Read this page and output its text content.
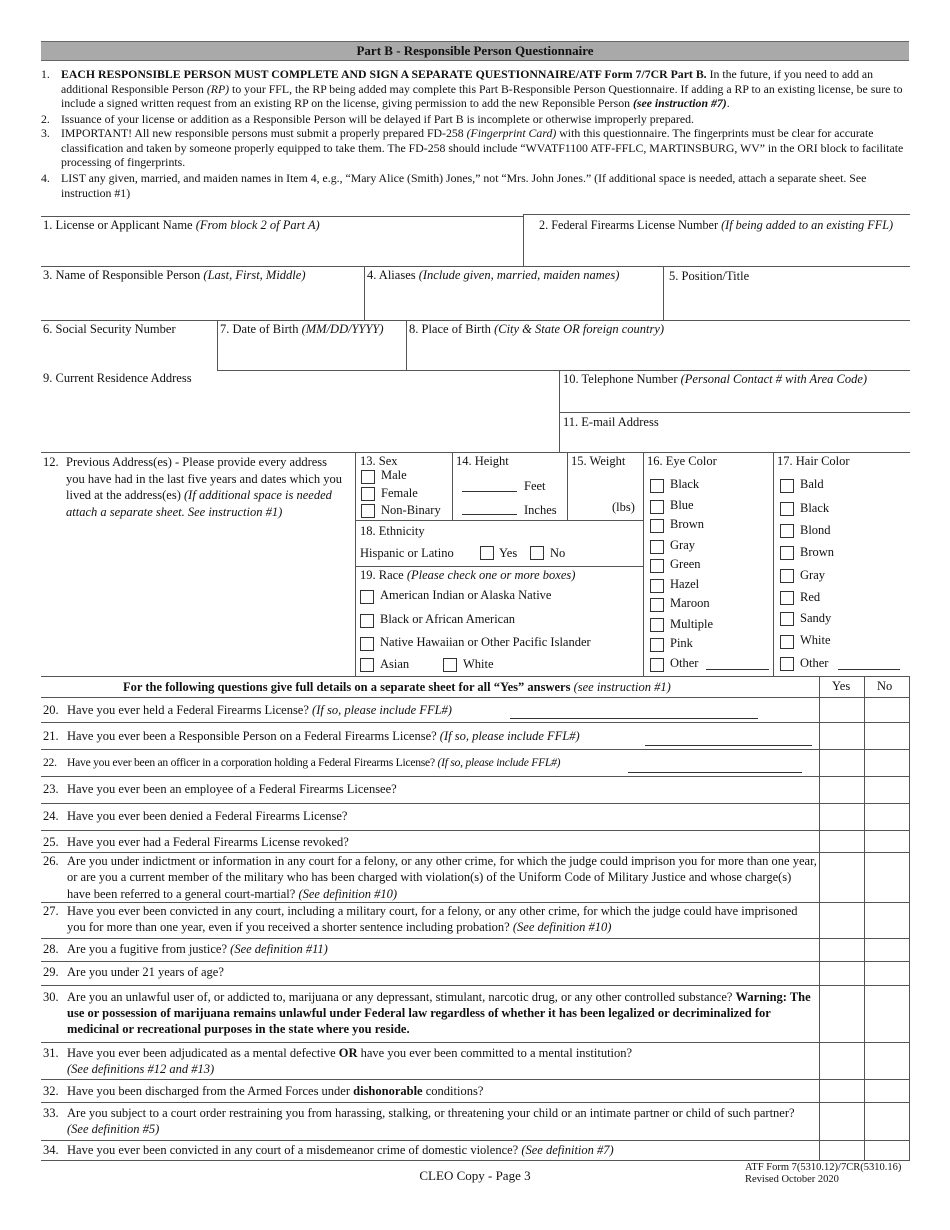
Part B - Responsible Person Questionnaire
1. EACH RESPONSIBLE PERSON MUST COMPLETE AND SIGN A SEPARATE QUESTIONNAIRE/ATF Form 7/7CR Part B. In the future, if you need to add an additional Responsible Person (RP) to your FFL, the RP being added may complete this Part B-Responsible Person Questionnaire. If adding a RP to an existing license, be sure to include a signed written request from an existing RP on the license, giving permission to add the new Reponsible Person (see instruction #7).
2. Issuance of your license or addition as a Responsible Person will be delayed if Part B is incomplete or otherwise improperly prepared.
3. IMPORTANT! All new responsible persons must submit a properly prepared FD-258 (Fingerprint Card) with this questionnaire. The fingerprints must be clear for accurate classification and taken by someone properly equipped to take them. The FD-258 should include “WVATF1100 ATF-FFLC, MARTINSBURG, WV” in the ORI block to facilitate processing of fingerprints.
4. LIST any given, married, and maiden names in Item 4, e.g., “Mary Alice (Smith) Jones,” not “Mrs. John Jones.” (If additional space is needed, attach a separate sheet. See instruction #1)
1. License or Applicant Name (From block 2 of Part A)	2. Federal Firearms License Number (If being added to an existing FFL)
3. Name of Responsible Person (Last, First, Middle)	4. Aliases (Include given, married, maiden names)	5. Position/Title
6. Social Security Number	7. Date of Birth (MM/DD/YYYY) 8. Place of Birth (City & State OR foreign country)
9. Current Residence Address	10. Telephone Number (Personal Contact # with Area Code)
11. E-mail Address
12. Previous Address(es) - Please provide every address you have had in the last five years and dates which you lived at the address(es) (If additional space is needed attach a separate sheet. See instruction #1)
13. Sex
Male
Female
Non-Binary
14. Height
Feet
Inches
15. Weight
(lbs)
18. Ethnicity
Hispanic or Latino	Yes	No
19. Race (Please check one or more boxes)
American Indian or Alaska Native
Black or African American
Native Hawaiian or Other Pacific Islander
Asian	White
16. Eye Color
Black
Blue
Brown
Gray
Green
Hazel
Maroon
Multiple
Pink
Other
17. Hair Color
Bald
Black
Blond
Brown
Gray
Red
Sandy
White
Other
For the following questions give full details on a separate sheet for all “Yes” answers (see instruction #1)	Yes No
20. Have you ever held a Federal Firearms License? (If so, please include FFL#)
21. Have you ever been a Responsible Person on a Federal Firearms License? (If so, please include FFL#)
22. Have you ever been an officer in a corporation holding a Federal Firearms License? (If so, please include FFL#)
23. Have you ever been an employee of a Federal Firearms Licensee?
24. Have you ever been denied a Federal Firearms License?
25. Have you ever had a Federal Firearms License revoked?
26. Are you under indictment or information in any court for a felony, or any other crime, for which the judge could imprison you for more than one year, or are you a current member of the military who has been charged with violation(s) of the Uniform Code of Military Justice and whose charge(s) have been referred to a general court-martial? (See definition #10)
27. Have you ever been convicted in any court, including a military court, for a felony, or any other crime, for which the judge could have imprisoned you for more than one year, even if you received a shorter sentence including probation? (See definition #10)
28. Are you a fugitive from justice? (See definition #11)
29. Are you under 21 years of age?
30. Are you an unlawful user of, or addicted to, marijuana or any depressant, stimulant, narcotic drug, or any other controlled substance? Warning: The use or possession of marijuana remains unlawful under Federal law regardless of whether it has been legalized or decriminalized for medicinal or recreational purposes in the state where you reside.
31. Have you ever been adjudicated as a mental defective OR have you ever been committed to a mental institution?
(See definitions #12 and #13)
32. Have you been discharged from the Armed Forces under dishonorable conditions?
33. Are you subject to a court order restraining you from harassing, stalking, or threatening your child or an intimate partner or child of such partner? (See definition #5)
34. Have you ever been convicted in any court of a misdemeanor crime of domestic violence? (See definition #7)
CLEO Copy - Page 3
ATF Form 7(5310.12)/7CR(5310.16)
Revised October 2020
